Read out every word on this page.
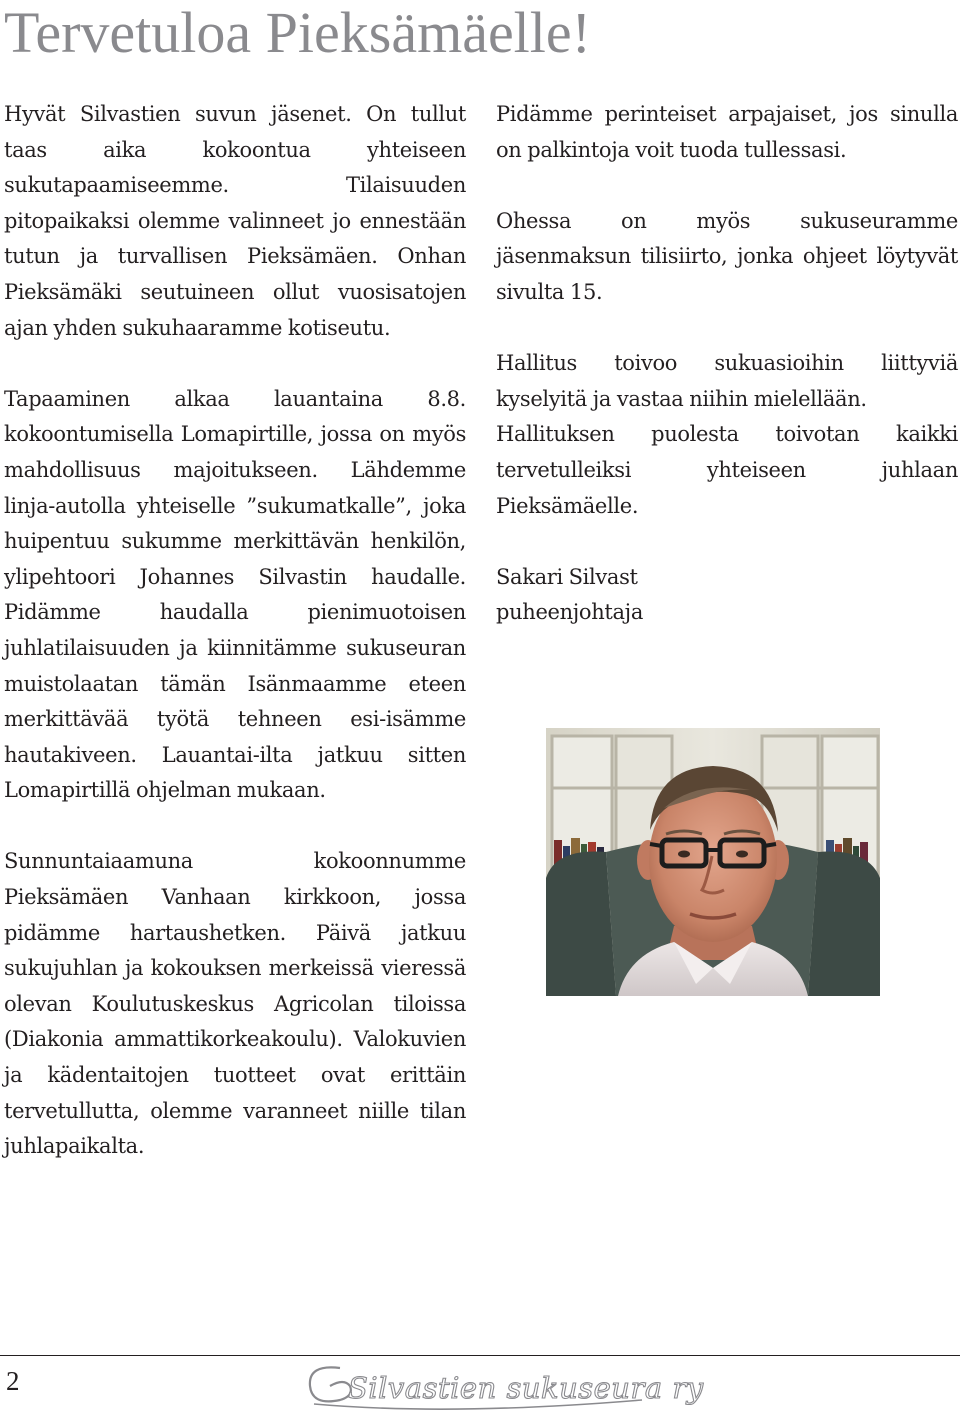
Tervetuloa Pieksämäelle!

Hyvät Silvastien suvun jäsenet. On tullut taas aika kokoontua yhteiseen sukutapaamiseemme. Tilaisuuden pitopaikaksi olemme valinneet jo ennestään tutun ja turvallisen Pieksämäen. Onhan Pieksämäki seutuineen ollut vuosisatojen ajan yhden sukuhaaramme kotiseutu.

Tapaaminen alkaa lauantaina 8.8. kokoontumisella Lomapirtille, jossa on myös mahdollisuus majoitukseen. Lähdemme linja-autolla yhteiselle ”sukumatkalle”, joka huipentuu sukumme merkittävän henkilön, ylipehtoori Johannes Silvastin haudalle. Pidämme haudalla pienimuotoisen juhlatilaisuuden ja kiinnitämme sukuseuran muistolaatan tämän Isänmaamme eteen merkittävää työtä tehneen esi-isämme hautakiveen. Lauantai-ilta jatkuu sitten Lomapirtillä ohjelman mukaan.

Sunnuntaiaamuna kokoonnumme Pieksämäen Vanhaan kirkkoon, jossa pidämme hartaushetken. Päivä jatkuu sukujuhlan ja kokouksen merkeissä vieressä olevan Koulutuskeskus Agricolan tiloissa (Diakonia ammattikorkeakoulu). Valokuvien ja kädentaitojen tuotteet ovat erittäin tervetullutta, olemme varanneet niille tilan juhlapaikalta.

Pidämme perinteiset arpajaiset, jos sinulla on palkintoja voit tuoda tullessasi.

Ohessa on myös sukuseuramme jäsenmaksun tilisiirto, jonka ohjeet löytyvät sivulta 15.

Hallitus toivoo sukuasioihin liittyviä kyselyitä ja vastaa niihin mielellään.

Hallituksen puolesta toivotan kaikki tervetulleiksi yhteiseen juhlaan Pieksämäelle.

Sakari Silvast
puheenjohtaja

2	Silvastien sukuseura ry
